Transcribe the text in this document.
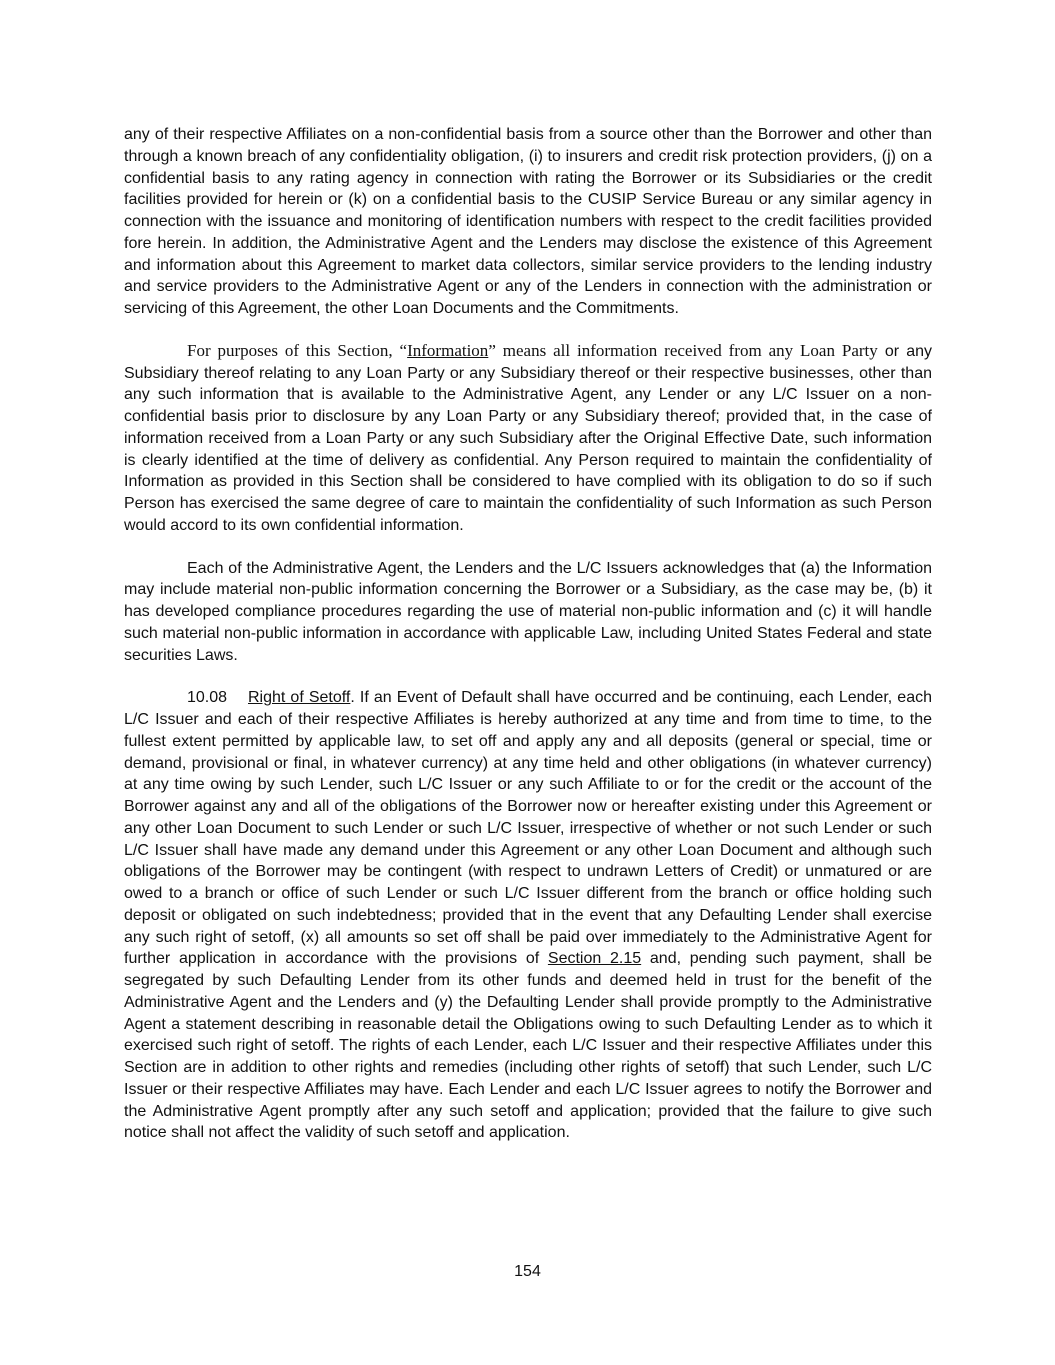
any of their respective Affiliates on a non-confidential basis from a source other than the Borrower and other than through a known breach of any confidentiality obligation, (i) to insurers and credit risk protection providers, (j) on a confidential basis to any rating agency in connection with rating the Borrower or its Subsidiaries or the credit facilities provided for herein or (k) on a confidential basis to the CUSIP Service Bureau or any similar agency in connection with the issuance and monitoring of identification numbers with respect to the credit facilities provided fore herein. In addition, the Administrative Agent and the Lenders may disclose the existence of this Agreement and information about this Agreement to market data collectors, similar service providers to the lending industry and service providers to the Administrative Agent or any of the Lenders in connection with the administration or servicing of this Agreement, the other Loan Documents and the Commitments.

For purposes of this Section, “Information” means all information received from any Loan Party or any Subsidiary thereof relating to any Loan Party or any Subsidiary thereof or their respective businesses, other than any such information that is available to the Administrative Agent, any Lender or any L/C Issuer on a non-confidential basis prior to disclosure by any Loan Party or any Subsidiary thereof; provided that, in the case of information received from a Loan Party or any such Subsidiary after the Original Effective Date, such information is clearly identified at the time of delivery as confidential. Any Person required to maintain the confidentiality of Information as provided in this Section shall be considered to have complied with its obligation to do so if such Person has exercised the same degree of care to maintain the confidentiality of such Information as such Person would accord to its own confidential information.

Each of the Administrative Agent, the Lenders and the L/C Issuers acknowledges that (a) the Information may include material non-public information concerning the Borrower or a Subsidiary, as the case may be, (b) it has developed compliance procedures regarding the use of material non-public information and (c) it will handle such material non-public information in accordance with applicable Law, including United States Federal and state securities Laws.

10.08 Right of Setoff. If an Event of Default shall have occurred and be continuing, each Lender, each L/C Issuer and each of their respective Affiliates is hereby authorized at any time and from time to time, to the fullest extent permitted by applicable law, to set off and apply any and all deposits (general or special, time or demand, provisional or final, in whatever currency) at any time held and other obligations (in whatever currency) at any time owing by such Lender, such L/C Issuer or any such Affiliate to or for the credit or the account of the Borrower against any and all of the obligations of the Borrower now or hereafter existing under this Agreement or any other Loan Document to such Lender or such L/C Issuer, irrespective of whether or not such Lender or such L/C Issuer shall have made any demand under this Agreement or any other Loan Document and although such obligations of the Borrower may be contingent (with respect to undrawn Letters of Credit) or unmatured or are owed to a branch or office of such Lender or such L/C Issuer different from the branch or office holding such deposit or obligated on such indebtedness; provided that in the event that any Defaulting Lender shall exercise any such right of setoff, (x) all amounts so set off shall be paid over immediately to the Administrative Agent for further application in accordance with the provisions of Section 2.15 and, pending such payment, shall be segregated by such Defaulting Lender from its other funds and deemed held in trust for the benefit of the Administrative Agent and the Lenders and (y) the Defaulting Lender shall provide promptly to the Administrative Agent a statement describing in reasonable detail the Obligations owing to such Defaulting Lender as to which it exercised such right of setoff. The rights of each Lender, each L/C Issuer and their respective Affiliates under this Section are in addition to other rights and remedies (including other rights of setoff) that such Lender, such L/C Issuer or their respective Affiliates may have. Each Lender and each L/C Issuer agrees to notify the Borrower and the Administrative Agent promptly after any such setoff and application; provided that the failure to give such notice shall not affect the validity of such setoff and application.

154
